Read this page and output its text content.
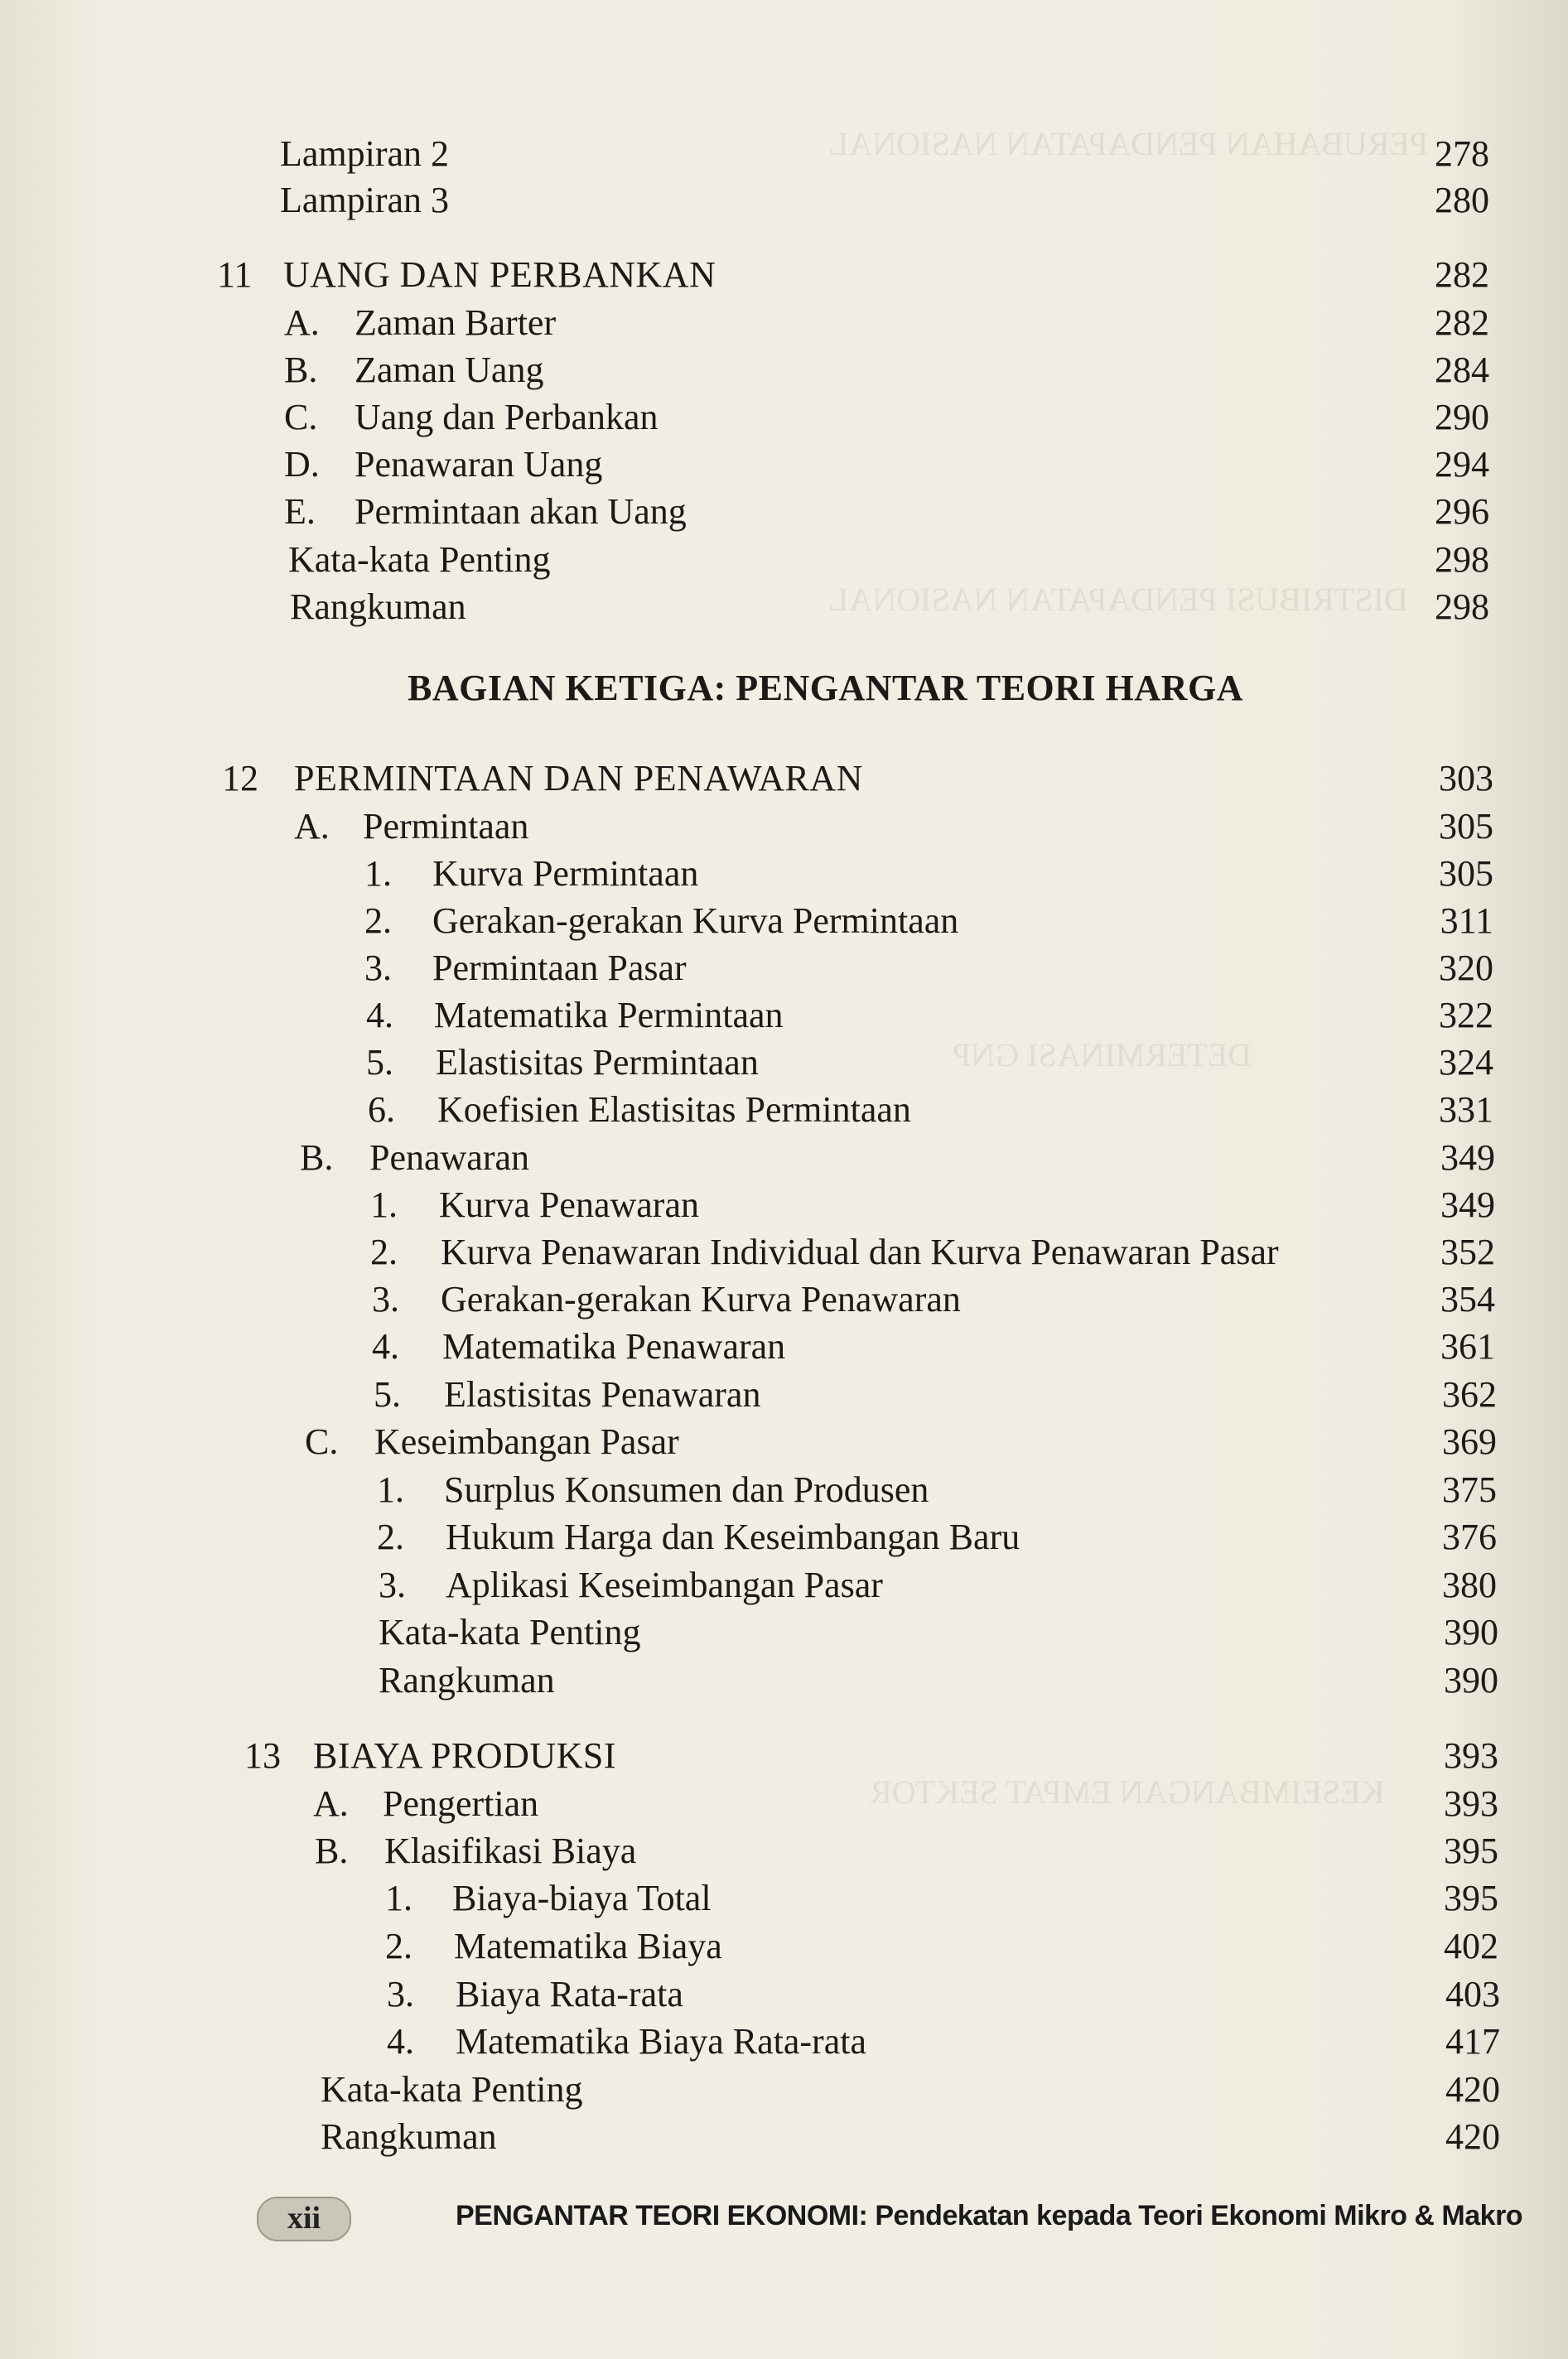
PERUBAHAN PENDAPATAN NASIONAL
DISTRIBUSI PENDAPATAN NASIONAL
DETERMINASI GNP
KESEIMBANGAN EMPAT SEKTOR
Lampiran 2	278
Lampiran 3	280
11 UANG DAN PERBANKAN	282
A. Zaman Barter	282
B. Zaman Uang	284
C. Uang dan Perbankan	290
D. Penawaran Uang	294
E. Permintaan akan Uang	296
Kata-kata Penting	298
Rangkuman	298
BAGIAN KETIGA: PENGANTAR TEORI HARGA
12 PERMINTAAN DAN PENAWARAN	303
A. Permintaan	305
1. Kurva Permintaan	305
2. Gerakan-gerakan Kurva Permintaan	311
3. Permintaan Pasar	320
4. Matematika Permintaan	322
5. Elastisitas Permintaan	324
6. Koefisien Elastisitas Permintaan	331
B. Penawaran	349
1. Kurva Penawaran	349
2. Kurva Penawaran Individual dan Kurva Penawaran Pasar	352
3. Gerakan-gerakan Kurva Penawaran	354
4. Matematika Penawaran	361
5. Elastisitas Penawaran	362
C. Keseimbangan Pasar	369
1. Surplus Konsumen dan Produsen	375
2. Hukum Harga dan Keseimbangan Baru	376
3. Aplikasi Keseimbangan Pasar	380
Kata-kata Penting	390
Rangkuman	390
13 BIAYA PRODUKSI	393
A. Pengertian	393
B. Klasifikasi Biaya	395
1. Biaya-biaya Total	395
2. Matematika Biaya	402
3. Biaya Rata-rata	403
4. Matematika Biaya Rata-rata	417
Kata-kata Penting	420
Rangkuman	420
xii	PENGANTAR TEORI EKONOMI: Pendekatan kepada Teori Ekonomi Mikro & Makro
